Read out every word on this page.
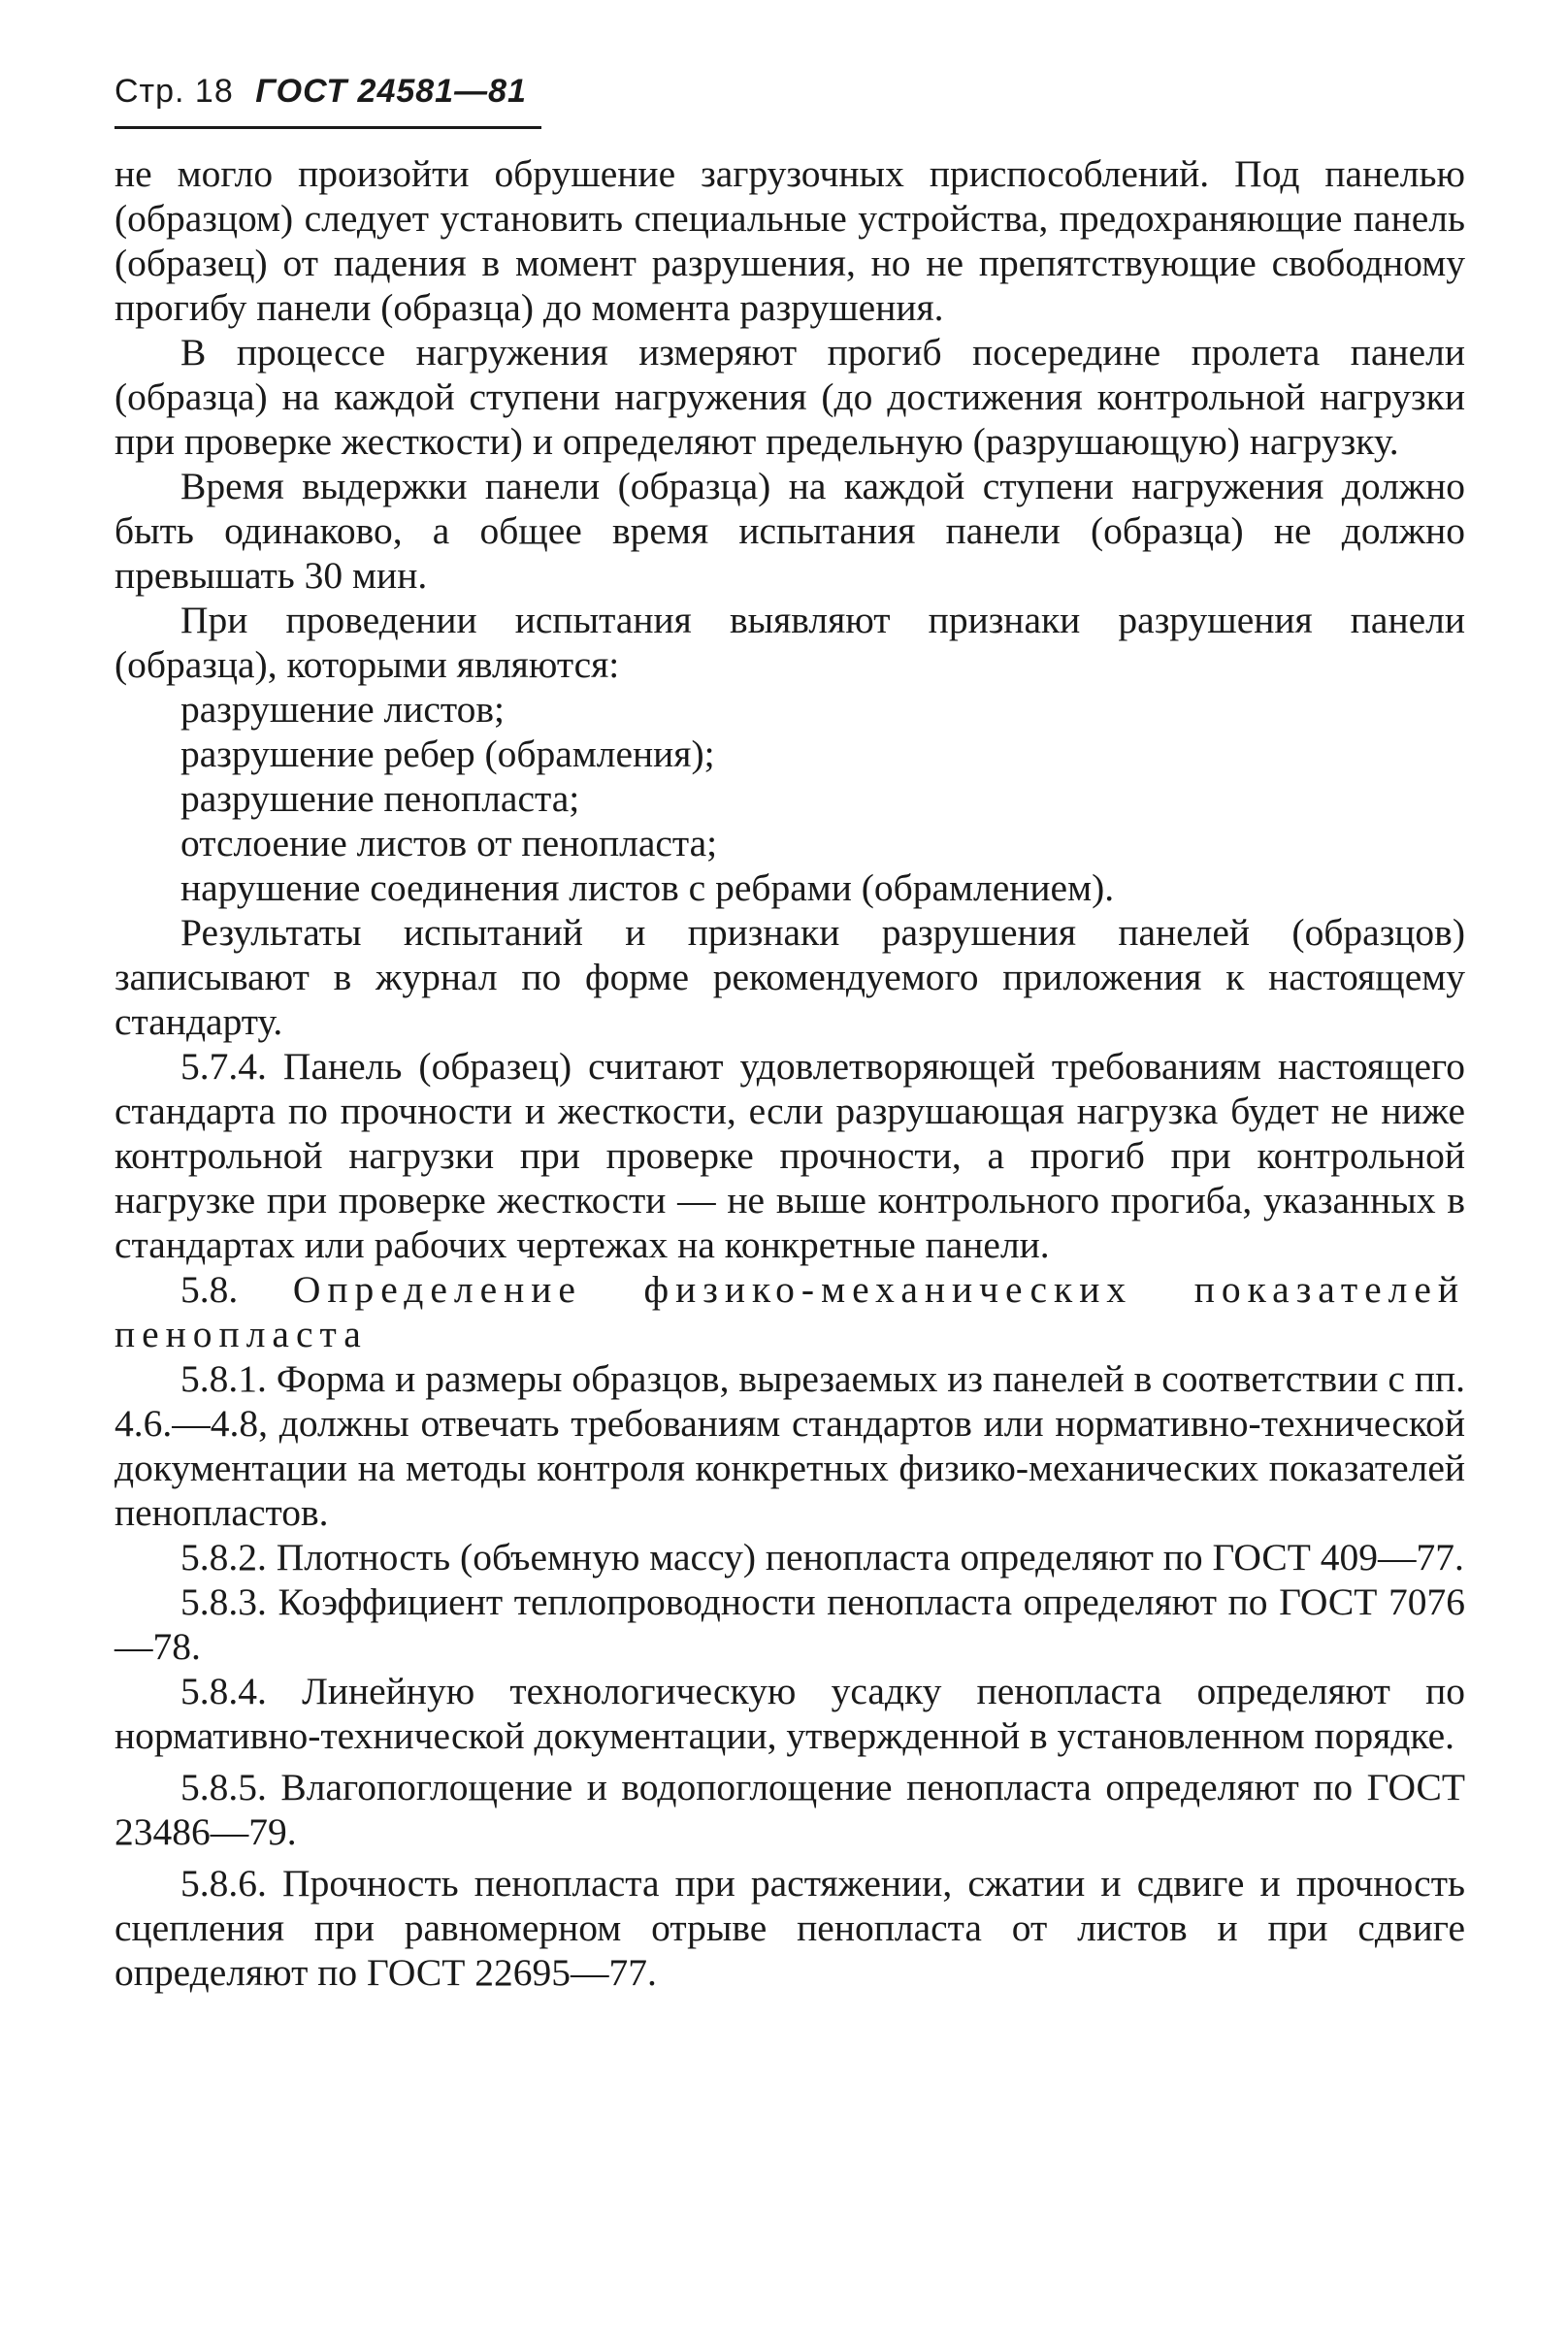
Стр. 18 ГОСТ 24581—81

не могло произойти обрушение загрузочных приспособлений. Под панелью (образцом) следует установить специальные устройства, предохраняющие панель (образец) от падения в момент разрушения, но не препятствующие свободному прогибу панели (образца) до момента разрушения.

В процессе нагружения измеряют прогиб посередине пролета панели (образца) на каждой ступени нагружения (до достижения контрольной нагрузки при проверке жесткости) и определяют предельную (разрушающую) нагрузку.

Время выдержки панели (образца) на каждой ступени нагружения должно быть одинаково, а общее время испытания панели (образца) не должно превышать 30 мин.

При проведении испытания выявляют признаки разрушения панели (образца), которыми являются:

разрушение листов;

разрушение ребер (обрамления);

разрушение пенопласта;

отслоение листов от пенопласта;

нарушение соединения листов с ребрами (обрамлением).

Результаты испытаний и признаки разрушения панелей (образцов) записывают в журнал по форме рекомендуемого приложения к настоящему стандарту.

5.7.4. Панель (образец) считают удовлетворяющей требованиям настоящего стандарта по прочности и жесткости, если разрушающая нагрузка будет не ниже контрольной нагрузки при проверке прочности, а прогиб при контрольной нагрузке при проверке жесткости — не выше контрольного прогиба, указанных в стандартах или рабочих чертежах на конкретные панели.

5.8. Определение физико-механических показателей пенопласта

5.8.1. Форма и размеры образцов, вырезаемых из панелей в соответствии с пп. 4.6.—4.8, должны отвечать требованиям стандартов или нормативно-технической документации на методы контроля конкретных физико-механических показателей пенопластов.

5.8.2. Плотность (объемную массу) пенопласта определяют по ГОСТ 409—77.

5.8.3. Коэффициент теплопроводности пенопласта определяют по ГОСТ 7076—78.

5.8.4. Линейную технологическую усадку пенопласта определяют по нормативно-технической документации, утвержденной в установленном порядке.

5.8.5. Влагопоглощение и водопоглощение пенопласта определяют по ГОСТ 23486—79.

5.8.6. Прочность пенопласта при растяжении, сжатии и сдвиге и прочность сцепления при равномерном отрыве пенопласта от листов и при сдвиге определяют по ГОСТ 22695—77.
